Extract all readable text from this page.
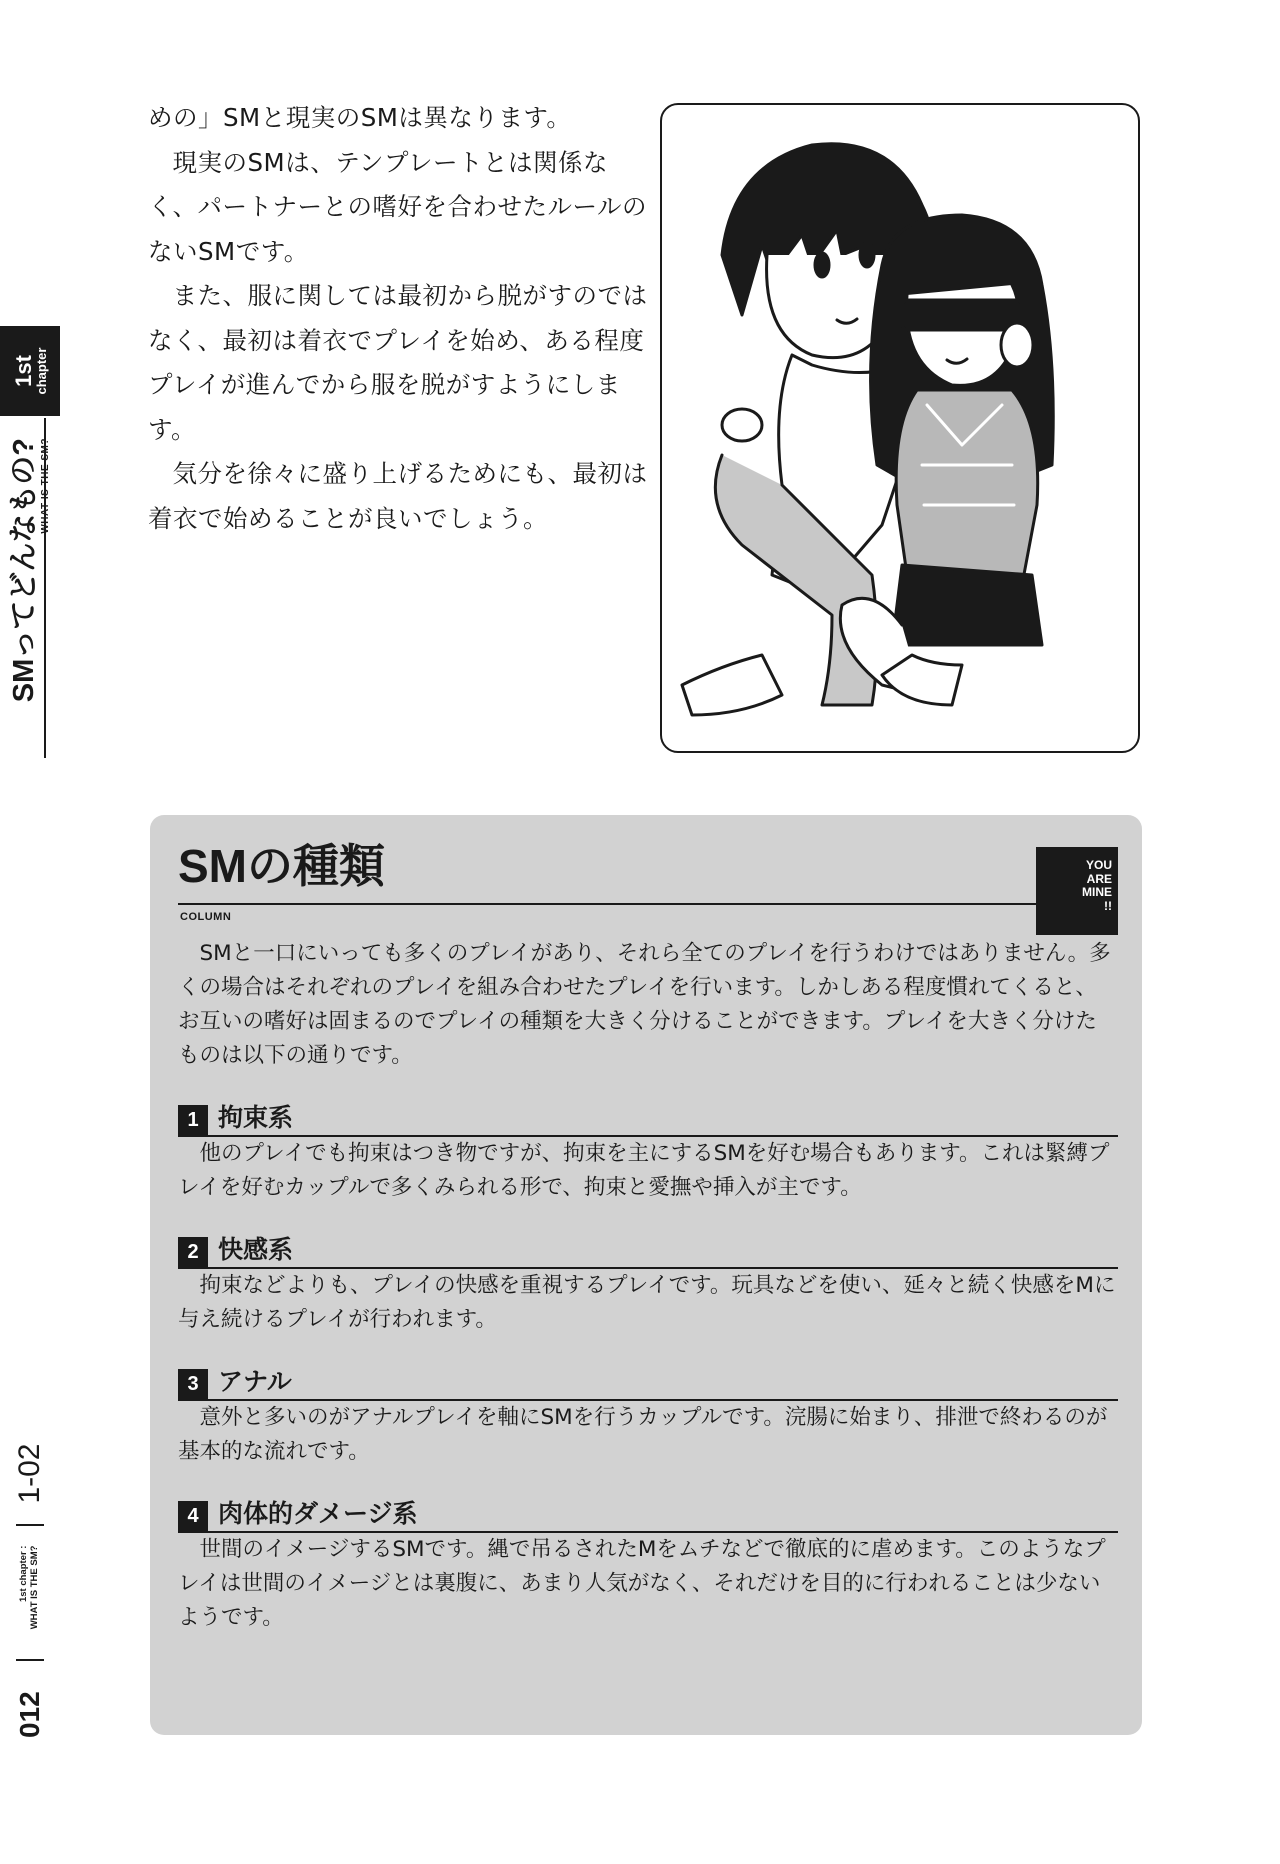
1st
chapter
SMってどんなもの? WHAT IS THE SM?
012
1st chapter :
WHAT IS THE SM?
1-02

めの」SMと現実のSMは異なります。

現実のSMは、テンプレートとは関係なく、パートナーとの嗜好を合わせたルールのないSMです。

また、服に関しては最初から脱がすのではなく、最初は着衣でプレイを始め、ある程度プレイが進んでから服を脱がすようにします。

気分を徐々に盛り上げるためにも、最初は着衣で始めることが良いでしょう。

SMの種類
COLUMN
YOU
ARE
MINE
!!

SMと一口にいっても多くのプレイがあり、それら全てのプレイを行うわけではありません。多くの場合はそれぞれのプレイを組み合わせたプレイを行います。しかしある程度慣れてくると、お互いの嗜好は固まるのでプレイの種類を大きく分けることができます。プレイを大きく分けたものは以下の通りです。

1 拘束系

他のプレイでも拘束はつき物ですが、拘束を主にするSMを好む場合もあります。これは緊縛プレイを好むカップルで多くみられる形で、拘束と愛撫や挿入が主です。

2 快感系

拘束などよりも、プレイの快感を重視するプレイです。玩具などを使い、延々と続く快感をMに与え続けるプレイが行われます。

3 アナル

意外と多いのがアナルプレイを軸にSMを行うカップルです。浣腸に始まり、排泄で終わるのが基本的な流れです。

4 肉体的ダメージ系

世間のイメージするSMです。縄で吊るされたMをムチなどで徹底的に虐めます。このようなプレイは世間のイメージとは裏腹に、あまり人気がなく、それだけを目的に行われることは少ないようです。
